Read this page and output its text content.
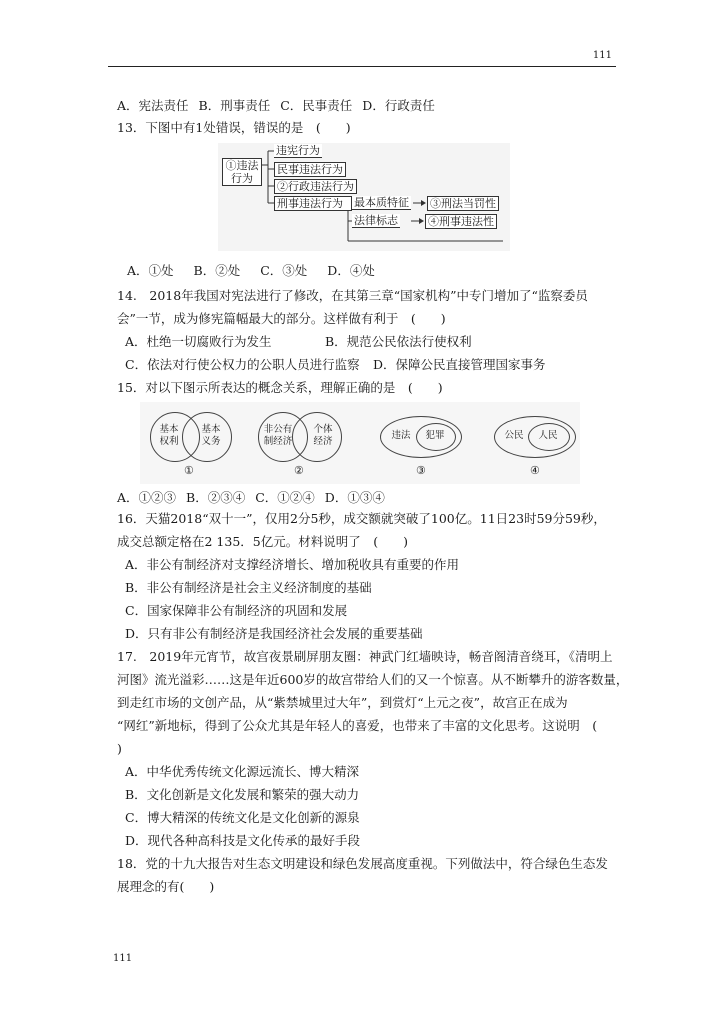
111
A．宪法责任 B．刑事责任 C．民事责任 D．行政责任
13．下图中有1处错误，错误的是　(　　)
①违法
行为
违宪行为
民事违法行为
②行政违法行为
刑事违法行为	最本质特征 ③刑法当罚性
法律标志	④刑事违法性
A．①处 B．②处 C．③处 D．④处
14.　2018年我国对宪法进行了修改，在其第三章“国家机构”中专门增加了“监察委员
会”一节，成为修宪篇幅最大的部分。这样做有利于　(　　)
A．杜绝一切腐败行为发生	B．规范公民依法行使权利
C．依法对行使公权力的公职人员进行监察 D．保障公民直接管理国家事务
15．对以下图示所表达的概念关系，理解正确的是　(　　)
基本
权利
基本
义务
①
非公有
制经济
个体
经济
②
违法	犯罪
③
公民	人民
④
A．①②③ B．②③④ C．①②④ D．①③④
16．天猫2018“双十一”，仅用2分5秒，成交额就突破了100亿。11日23时59分59秒，
成交总额定格在2 135．5亿元。材料说明了　(　　)
A．非公有制经济对支撑经济增长、增加税收具有重要的作用
B．非公有制经济是社会主义经济制度的基础
C．国家保障非公有制经济的巩固和发展
D．只有非公有制经济是我国经济社会发展的重要基础
17.　2019年元宵节，故宫夜景刷屏朋友圈：神武门红墙映诗，畅音阁清音绕耳，《清明上
河图》流光溢彩……这是年近600岁的故宫带给人们的又一个惊喜。从不断攀升的游客数量，
到走红市场的文创产品，从“紫禁城里过大年”，到赏灯“上元之夜”，故宫正在成为
“网红”新地标，得到了公众尤其是年轻人的喜爱，也带来了丰富的文化思考。这说明　(
)
A．中华优秀传统文化源远流长、博大精深
B．文化创新是文化发展和繁荣的强大动力
C．博大精深的传统文化是文化创新的源泉
D．现代各种高科技是文化传承的最好手段
18．党的十九大报告对生态文明建设和绿色发展高度重视。下列做法中，符合绿色生态发
展理念的有(　　)
111
